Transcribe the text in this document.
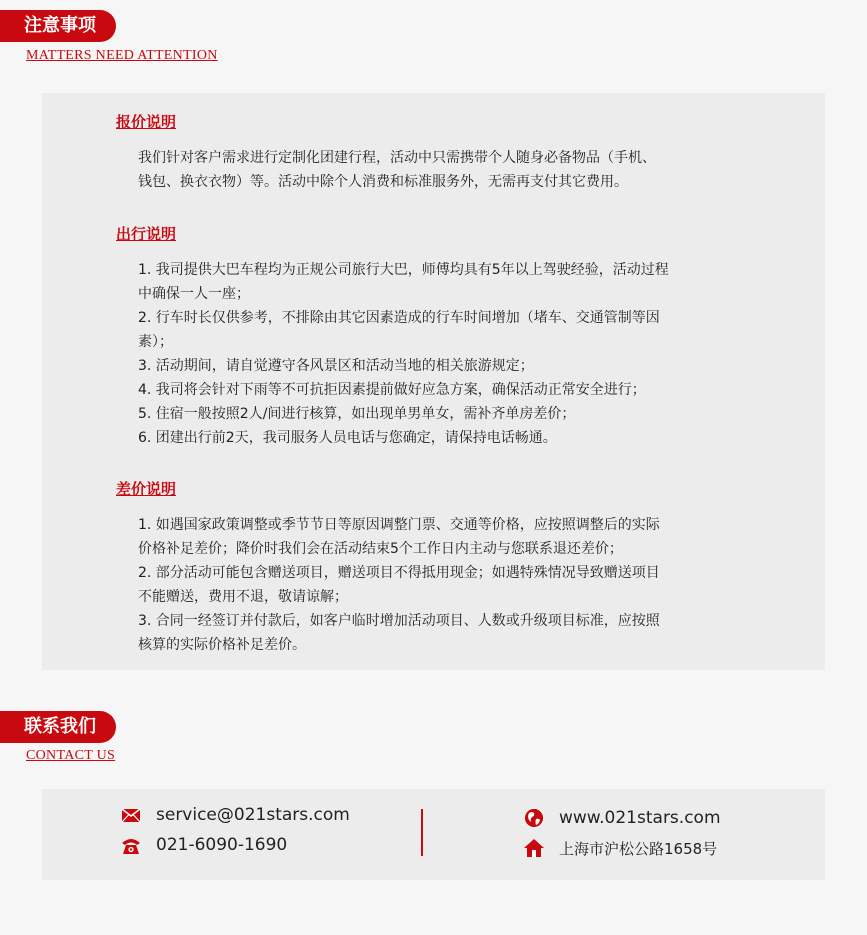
注意事项
MATTERS NEED ATTENTION
报价说明

我们针对客户需求进行定制化团建行程，活动中只需携带个人随身必备物品（手机、

钱包、换衣衣物）等。活动中除个人消费和标准服务外，无需再支付其它费用。

出行说明

1. 我司提供大巴车程均为正规公司旅行大巴，师傅均具有5年以上驾驶经验，活动过程

中确保一人一座；

2. 行车时长仅供参考，不排除由其它因素造成的行车时间增加（堵车、交通管制等因

素）；

3. 活动期间，请自觉遵守各风景区和活动当地的相关旅游规定；

4. 我司将会针对下雨等不可抗拒因素提前做好应急方案，确保活动正常安全进行；

5. 住宿一般按照2人/间进行核算，如出现单男单女，需补齐单房差价；

6. 团建出行前2天，我司服务人员电话与您确定，请保持电话畅通。

差价说明

1. 如遇国家政策调整或季节节日等原因调整门票、交通等价格，应按照调整后的实际

价格补足差价；降价时我们会在活动结束5个工作日内主动与您联系退还差价；

2. 部分活动可能包含赠送项目，赠送项目不得抵用现金；如遇特殊情况导致赠送项目

不能赠送，费用不退，敬请谅解；

3. 合同一经签订并付款后，如客户临时增加活动项目、人数或升级项目标准，应按照

核算的实际价格补足差价。

联系我们
CONTACT US
service@021stars.com
021-6090-1690
www.021stars.com
上海市沪松公路1658号
